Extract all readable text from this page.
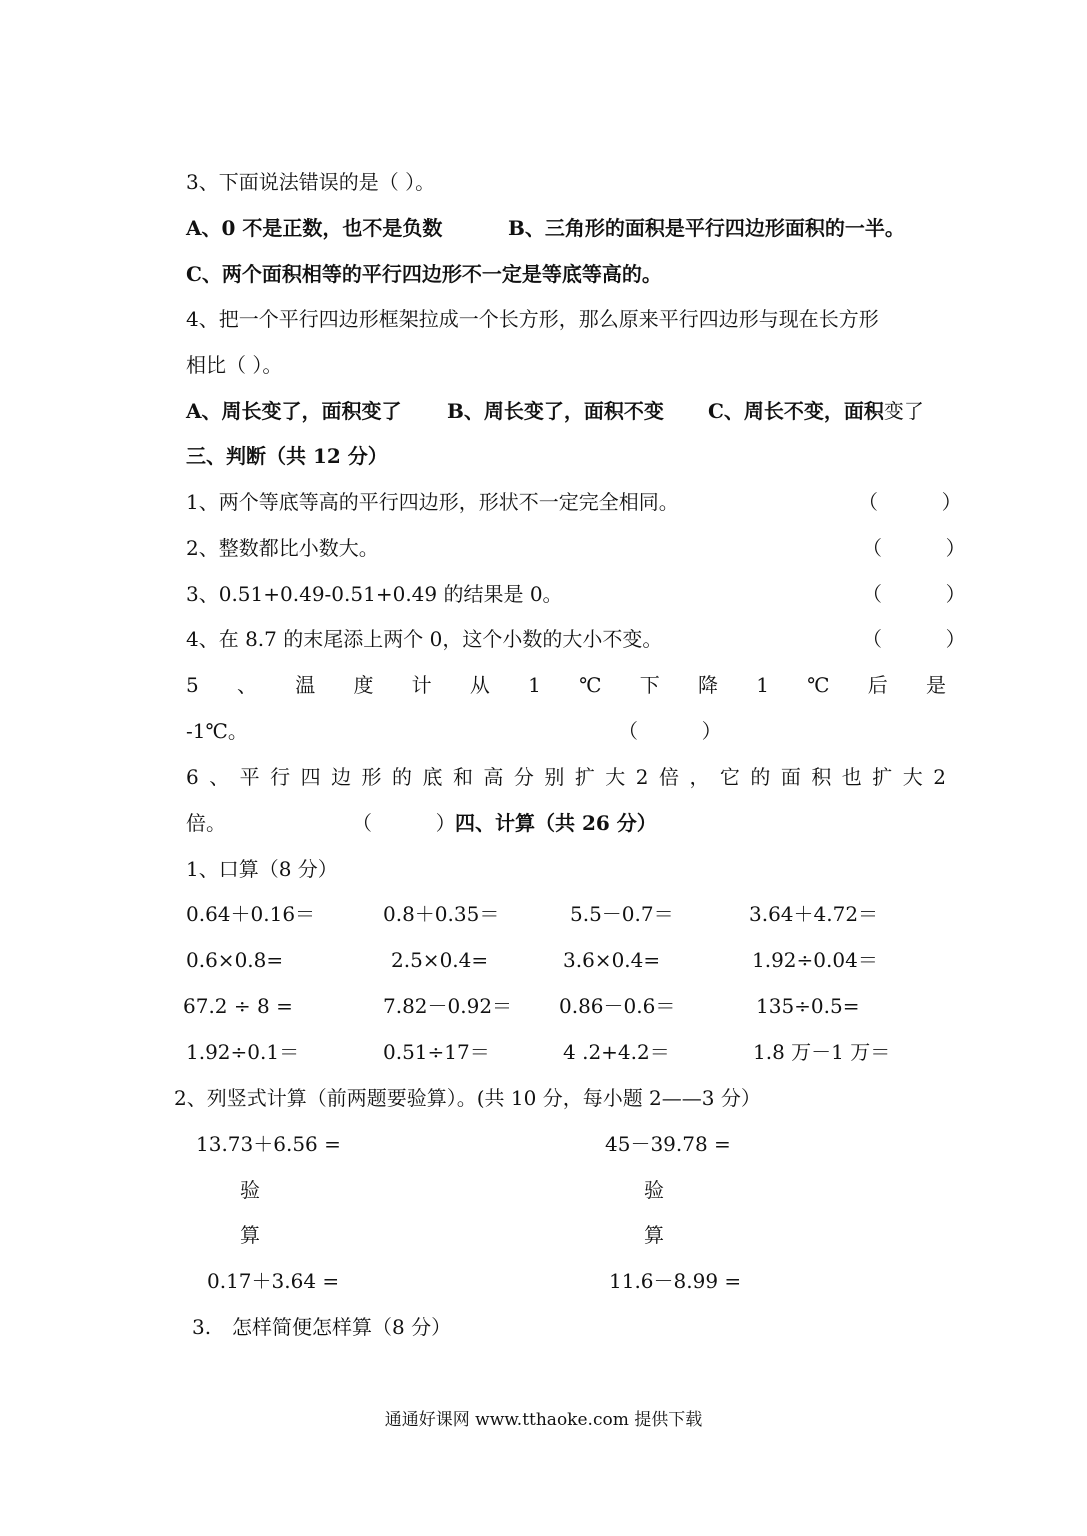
3、下面说法错误的是（ ）。
A、0 不是正数，也不是负数	B、三角形的面积是平行四边形面积的一半。
C、两个面积相等的平行四边形不一定是等底等高的。
4、把一个平行四边形框架拉成一个长方形，那么原来平行四边形与现在长方形
相比（ ）。
A、周长变了，面积变了 B、周长变了，面积不变 C、周长不变，面积变了
三、判断（共 12 分）
1、两个等底等高的平行四边形，形状不一定完全相同。	（          ）
2、整数都比小数大。	（          ）
3、0.51+0.49-0.51+0.49 的结果是 0。	（          ）
4、在 8.7 的末尾添上两个 0，这个小数的大小不变。	（          ）
5 、 温 度 计 从 1 ℃ 下 降 1 ℃ 后 是
-1℃。	（          ）
6 、 平 行 四 边 形 的 底 和 高 分 别 扩 大 2 倍 ， 它 的 面 积 也 扩 大 2
倍。	（          ） 四、计算（共 26 分）
1、口算（8 分）
0.64＋0.16＝	0.8＋0.35＝	5.5－0.7＝	3.64＋4.72＝
0.6×0.8=	2.5×0.4=	3.6×0.4=	1.92÷0.04＝
67.2 ÷ 8 =	7.82－0.92＝ 0.86－0.6＝	135÷0.5=
1.92÷0.1＝	0.51÷17＝	4 .2+4.2＝	1.8 万－1 万＝
2、列竖式计算（前两题要验算）。(共 10 分，每小题 2——3 分）
13.73＋6.56 =	45－39.78 =
验	验
算	算
0.17＋3.64 =	11.6－8.99 =
3. 怎样简便怎样算（8 分）
通通好课网 www.tthaoke.com 提供下载
